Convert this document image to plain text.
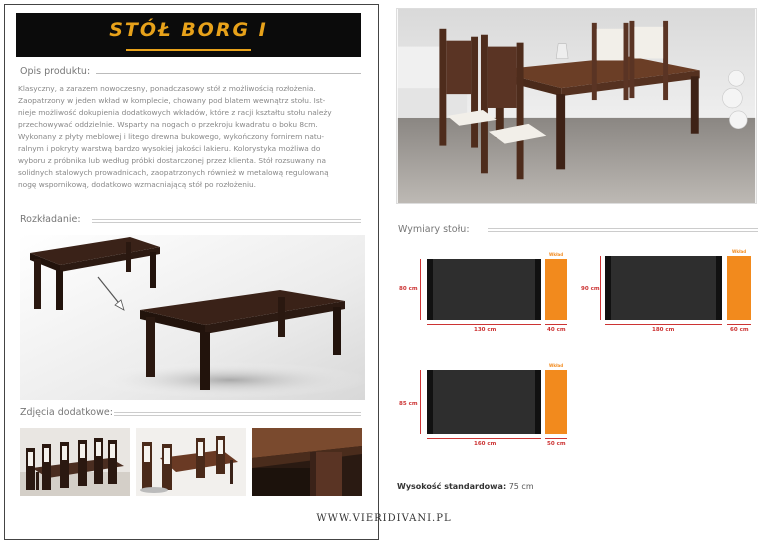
STÓŁ BORG I
Opis produktu:

Klasyczny, a zarazem nowoczesny, ponadczasowy stół z możliwością rozłożenia.

Zaopatrzony w jeden wkład w komplecie, chowany pod blatem wewnątrz stołu. Ist-

nieje możliwość dokupienia dodatkowych wkładów, które z racji kształtu stołu należy

przechowywać oddzielnie. Wsparty na nogach o przekroju kwadratu o boku 8cm.

Wykonany z płyty meblowej i litego drewna bukowego, wykończony fornirem natu-

ralnym i pokryty warstwą bardzo wysokiej jakości lakieru. Kolorystyka możliwa do

wyboru z próbnika lub według próbki dostarczonej przez klienta. Stół rozsuwany na

solidnych stalowych prowadnicach, zaopatrzonych również w metalową regulowaną

nogę wspornikową, dodatkowo wzmacniającą stół po rozłożeniu.

Rozkładanie:
Zdjęcia dodatkowe:
WWW.VIERIDIVANI.PL
Wymiary stołu:
Wkład
80 cm
130 cm	40 cm
Wkład
90 cm
180 cm	60 cm
Wkład
85 cm
160 cm	50 cm
Wysokość standardowa: 75 cm
